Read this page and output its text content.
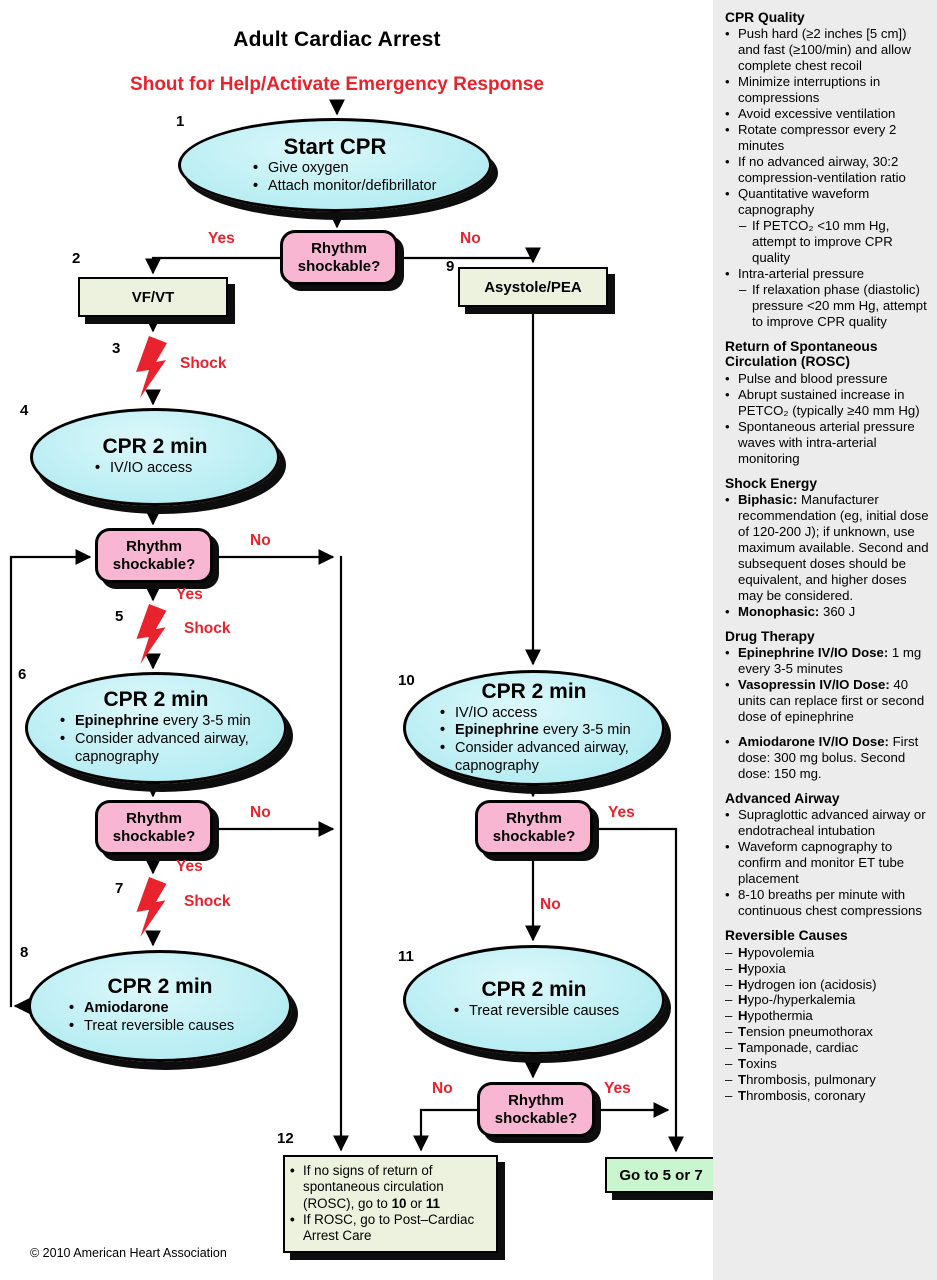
Adult Cardiac Arrest
Shout for Help/Activate Emergency Response
1
2
3
4
5
6
7
8
9
10
11
12
Start CPR
• Give oxygen
• Attach monitor/defibrillator
CPR 2 min
• IV/IO access
CPR 2 min
• Epinephrine every 3-5 min
• Consider advanced airway, capnography
CPR 2 min
• Amiodarone
• Treat reversible causes
CPR 2 min
• IV/IO access
• Epinephrine every 3-5 min
• Consider advanced airway, capnography
CPR 2 min
• Treat reversible causes
Rhythm shockable?
Rhythm shockable?
Rhythm shockable?
Rhythm shockable?
Rhythm shockable?
VF/VT
Asystole/PEA
Go to 5 or 7
• If no signs of return of spontaneous circulation (ROSC), go to 10 or 11
• If ROSC, go to Post–Cardiac Arrest Care
Yes	No
Shock
No
Yes
Shock
No
Yes
Shock
Yes
No
No	Yes
© 2010 American Heart Association
CPR Quality
• Push hard (≥2 inches [5 cm]) and fast (≥100/min) and allow complete chest recoil
• Minimize interruptions in compressions
• Avoid excessive ventilation
• Rotate compressor every 2 minutes
• If no advanced airway, 30:2 compression-ventilation ratio
• Quantitative waveform capnography
– If PETCO₂ <10 mm Hg, attempt to improve CPR quality
• Intra-arterial pressure
– If relaxation phase (diastolic) pressure <20 mm Hg, attempt to improve CPR quality
Return of Spontaneous Circulation (ROSC)
• Pulse and blood pressure
• Abrupt sustained increase in PETCO₂ (typically ≥40 mm Hg)
• Spontaneous arterial pressure waves with intra-arterial monitoring
Shock Energy
• Biphasic: Manufacturer recommendation (eg, initial dose of 120-200 J); if unknown, use maximum available. Second and subsequent doses should be equivalent, and higher doses may be considered.
• Monophasic: 360 J
Drug Therapy
• Epinephrine IV/IO Dose: 1 mg every 3-5 minutes
• Vasopressin IV/IO Dose: 40 units can replace first or second dose of epinephrine
• Amiodarone IV/IO Dose: First dose: 300 mg bolus. Second dose: 150 mg.
Advanced Airway
• Supraglottic advanced airway or endotracheal intubation
• Waveform capnography to confirm and monitor ET tube placement
• 8-10 breaths per minute with continuous chest compressions
Reversible Causes
– Hypovolemia
– Hypoxia
– Hydrogen ion (acidosis)
– Hypo-/hyperkalemia
– Hypothermia
– Tension pneumothorax
– Tamponade, cardiac
– Toxins
– Thrombosis, pulmonary
– Thrombosis, coronary
